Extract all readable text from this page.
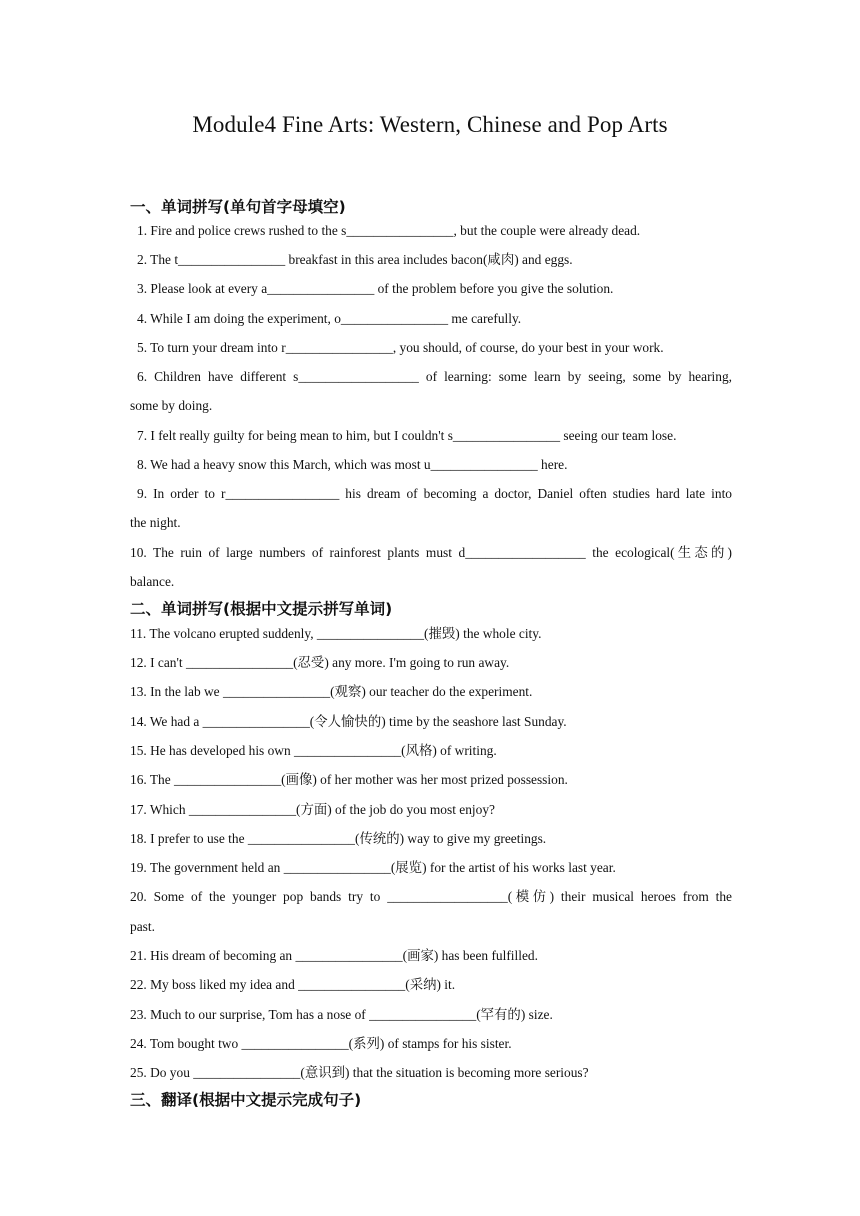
Module4 Fine Arts: Western, Chinese and Pop Arts
一、单词拼写(单句首字母填空)
1. Fire and police crews rushed to the s________________, but the couple were already dead.
2. The t________________ breakfast in this area includes bacon(咸肉) and eggs.
3. Please look at every a________________ of the problem before you give the solution.
4. While I am doing the experiment, o________________ me carefully.
5. To turn your dream into r________________, you should, of course, do your best in your work.
6. Children have different s__________________ of learning: some learn by seeing, some by hearing,
some by doing.
7. I felt really guilty for being mean to him, but I couldn't s________________ seeing our team lose.
8. We had a heavy snow this March, which was most u________________ here.
9. In order to r_________________ his dream of becoming a doctor, Daniel often studies hard late into
the night.
10. The ruin of large numbers of rainforest plants must d__________________ the ecological(生态的)
balance.
二、单词拼写(根据中文提示拼写单词)
11. The volcano erupted suddenly, ________________(摧毁) the whole city.
12. I can't ________________(忍受) any more. I'm going to run away.
13. In the lab we ________________(观察) our teacher do the experiment.
14. We had a ________________(令人愉快的) time by the seashore last Sunday.
15. He has developed his own ________________(风格) of writing.
16. The ________________(画像) of her mother was her most prized possession.
17. Which ________________(方面) of the job do you most enjoy?
18. I prefer to use the ________________(传统的) way to give my greetings.
19. The government held an ________________(展览) for the artist of his works last year.
20. Some of the younger pop bands try to __________________(模仿) their musical heroes from the
past.
21. His dream of becoming an ________________(画家) has been fulfilled.
22. My boss liked my idea and ________________(采纳) it.
23. Much to our surprise, Tom has a nose of ________________(罕有的) size.
24. Tom bought two ________________(系列) of stamps for his sister.
25. Do you ________________(意识到) that the situation is becoming more serious?
三、翻译(根据中文提示完成句子)
